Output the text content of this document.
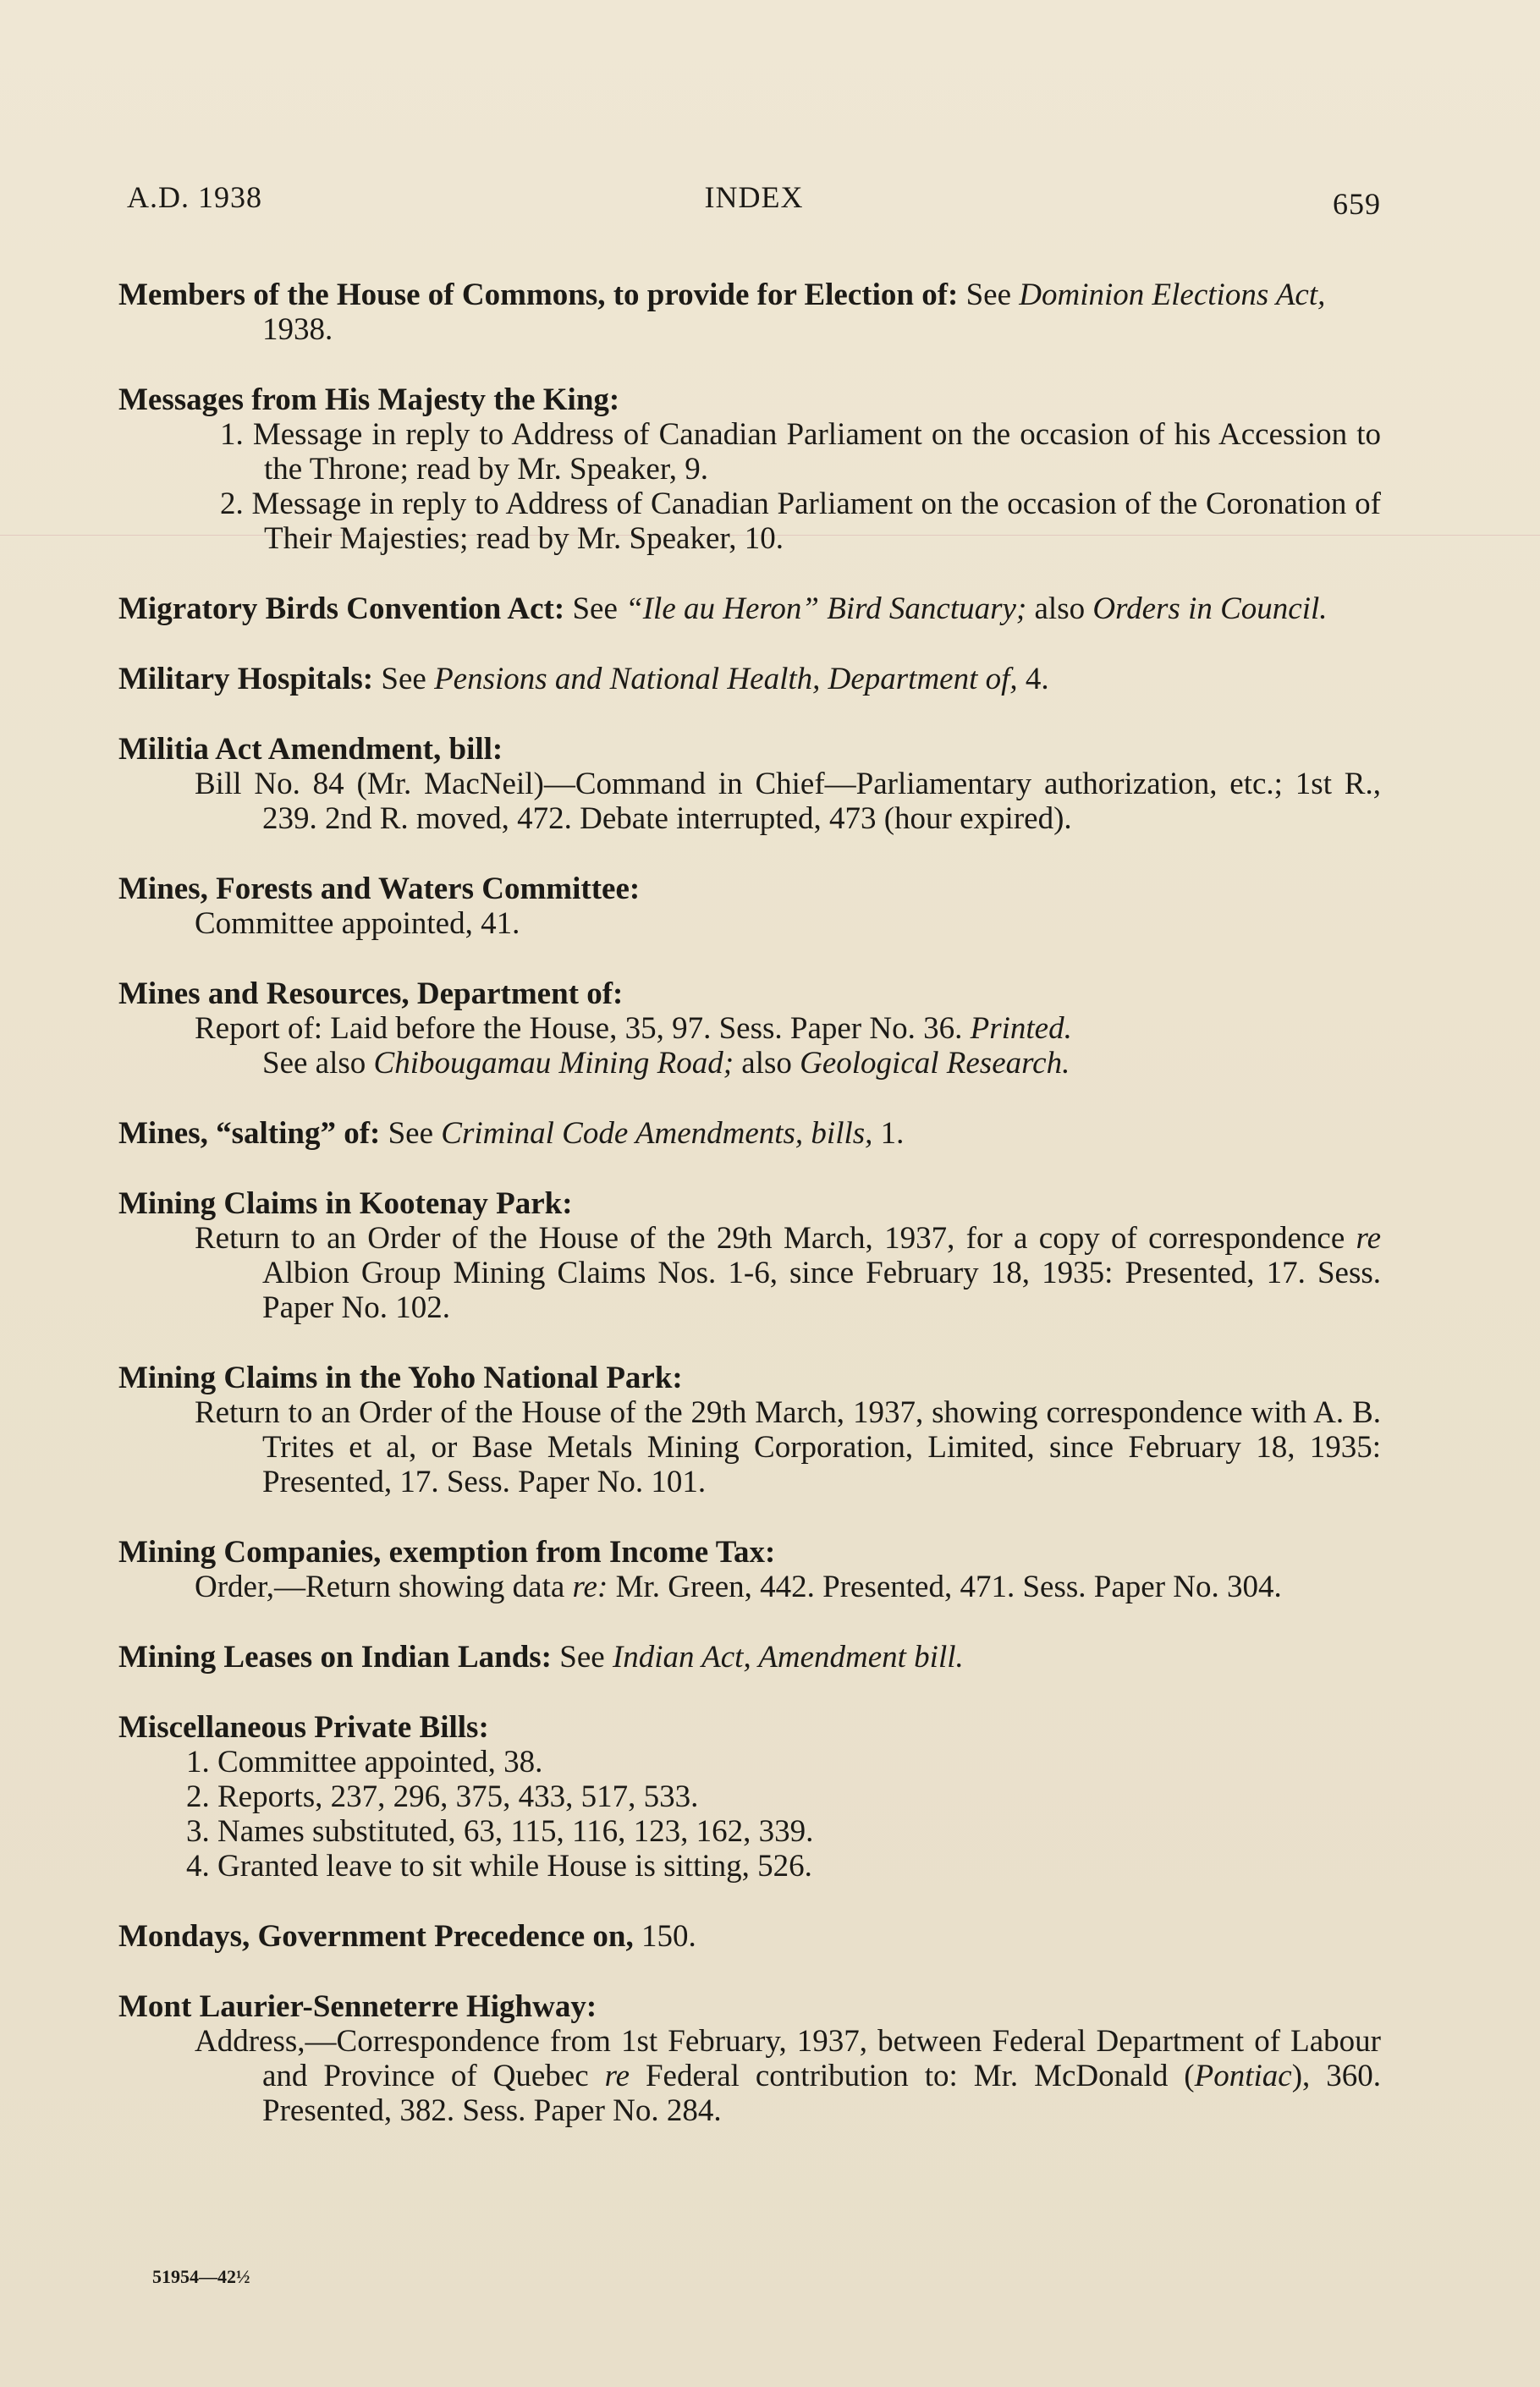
A.D. 1938	INDEX	659
Members of the House of Commons, to provide for Election of: See Dominion Elections Act, 1938.
Messages from His Majesty the King:
1. Message in reply to Address of Canadian Parliament on the occasion of his Accession to the Throne; read by Mr. Speaker, 9.
2. Message in reply to Address of Canadian Parliament on the occasion of the Coronation of Their Majesties; read by Mr. Speaker, 10.
Migratory Birds Convention Act: See “Ile au Heron” Bird Sanctuary; also Orders in Council.
Military Hospitals: See Pensions and National Health, Department of, 4.
Militia Act Amendment, bill:
Bill No. 84 (Mr. MacNeil)—Command in Chief—Parliamentary authorization, etc.; 1st R., 239. 2nd R. moved, 472. Debate interrupted, 473 (hour expired).
Mines, Forests and Waters Committee:
Committee appointed, 41.
Mines and Resources, Department of:
Report of: Laid before the House, 35, 97. Sess. Paper No. 36. Printed.
See also Chibougamau Mining Road; also Geological Research.
Mines, “salting” of: See Criminal Code Amendments, bills, 1.
Mining Claims in Kootenay Park:
Return to an Order of the House of the 29th March, 1937, for a copy of correspondence re Albion Group Mining Claims Nos. 1-6, since February 18, 1935: Presented, 17. Sess. Paper No. 102.
Mining Claims in the Yoho National Park:
Return to an Order of the House of the 29th March, 1937, showing correspondence with A. B. Trites et al, or Base Metals Mining Corporation, Limited, since February 18, 1935: Presented, 17. Sess. Paper No. 101.
Mining Companies, exemption from Income Tax:
Order,—Return showing data re: Mr. Green, 442. Presented, 471. Sess. Paper No. 304.
Mining Leases on Indian Lands: See Indian Act, Amendment bill.
Miscellaneous Private Bills:
1. Committee appointed, 38.
2. Reports, 237, 296, 375, 433, 517, 533.
3. Names substituted, 63, 115, 116, 123, 162, 339.
4. Granted leave to sit while House is sitting, 526.
Mondays, Government Precedence on, 150.
Mont Laurier-Senneterre Highway:
Address,—Correspondence from 1st February, 1937, between Federal Department of Labour and Province of Quebec re Federal contribution to: Mr. McDonald (Pontiac), 360. Presented, 382. Sess. Paper No. 284.
51954—42½
